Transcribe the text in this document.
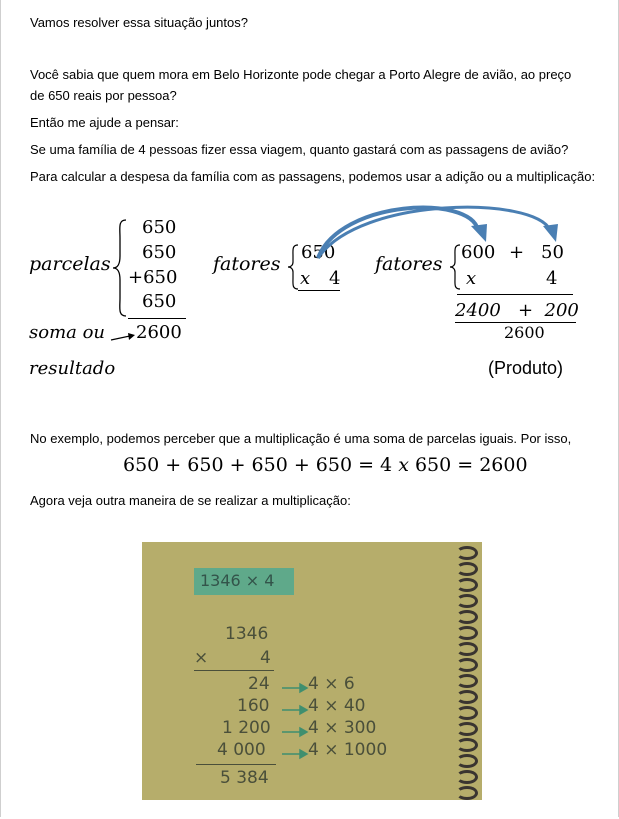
Vamos resolver essa situação juntos?
Você sabia que quem mora em Belo Horizonte pode chegar a Porto Alegre de avião, ao preço
de 650 reais por pessoa?
Então me ajude a pensar:
Se uma família de 4 pessoas fizer essa viagem, quanto gastará com as passagens de avião?
Para calcular a despesa da família com as passagens, podemos usar a adição ou a multiplicação:
parcelas
650
650
+650
650
soma ou 2600
resultado
fatores
650
x 4
fatores
600 + 50
x	4
2400   +  200
2600
(Produto)
No exemplo, podemos perceber que a multiplicação é uma soma de parcelas iguais. Por isso,
650 + 650 + 650 + 650 = 4 x 650 = 2600
Agora veja outra maneira de se realizar a multiplicação:
1346 × 4
1346
×	4
24
160
1 200
4 000
4 × 6
4 × 40
4 × 300
4 × 1000
5 384
